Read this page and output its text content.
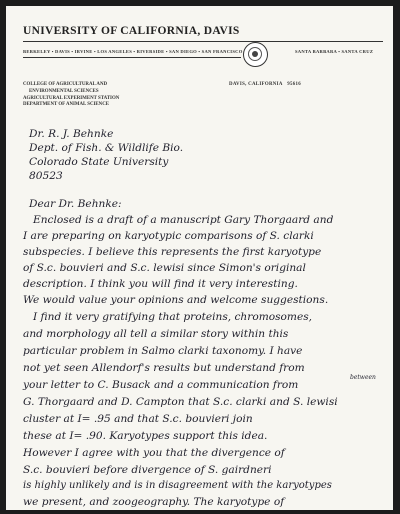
UNIVERSITY OF CALIFORNIA, DAVIS
BERKELEY • DAVIS • IRVINE • LOS ANGELES • RIVERSIDE • SAN DIEGO • SAN FRANCISCO	SANTA BARBARA • SANTA CRUZ
COLLEGE OF AGRICULTURAL AND
ENVIRONMENTAL SCIENCES
AGRICULTURAL EXPERIMENT STATION
DEPARTMENT OF ANIMAL SCIENCE
DAVIS, CALIFORNIA 95616
Dr. R. J. Behnke
Dept. of Fish. & Wildlife Bio.
Colorado State University
80523
Dear Dr. Behnke:
Enclosed is a draft of a manuscript Gary Thorgaard and
I are preparing on karyotypic comparisons of S. clarki
subspecies. I believe this represents the first karyotype
of S.c. bouvieri and S.c. lewisi since Simon's original
description. I think you will find it very interesting.
We would value your opinions and welcome suggestions.
I find it very gratifying that proteins, chromosomes,
and morphology all tell a similar story within this
particular problem in Salmo clarki taxonomy. I have
not yet seen Allendorf's results but understand from
your letter to C. Busack and a communication from
between
G. Thorgaard and D. Campton that S.c. clarki and S. lewisi
cluster at I= .95 and that S.c. bouvieri join
these at I= .90. Karyotypes support this idea.
However I agree with you that the divergence of
S.c. bouvieri before divergence of S. gairdneri
is highly unlikely and is in disagreement with the karyotypes
we present, and zoogeography. The karyotype of
